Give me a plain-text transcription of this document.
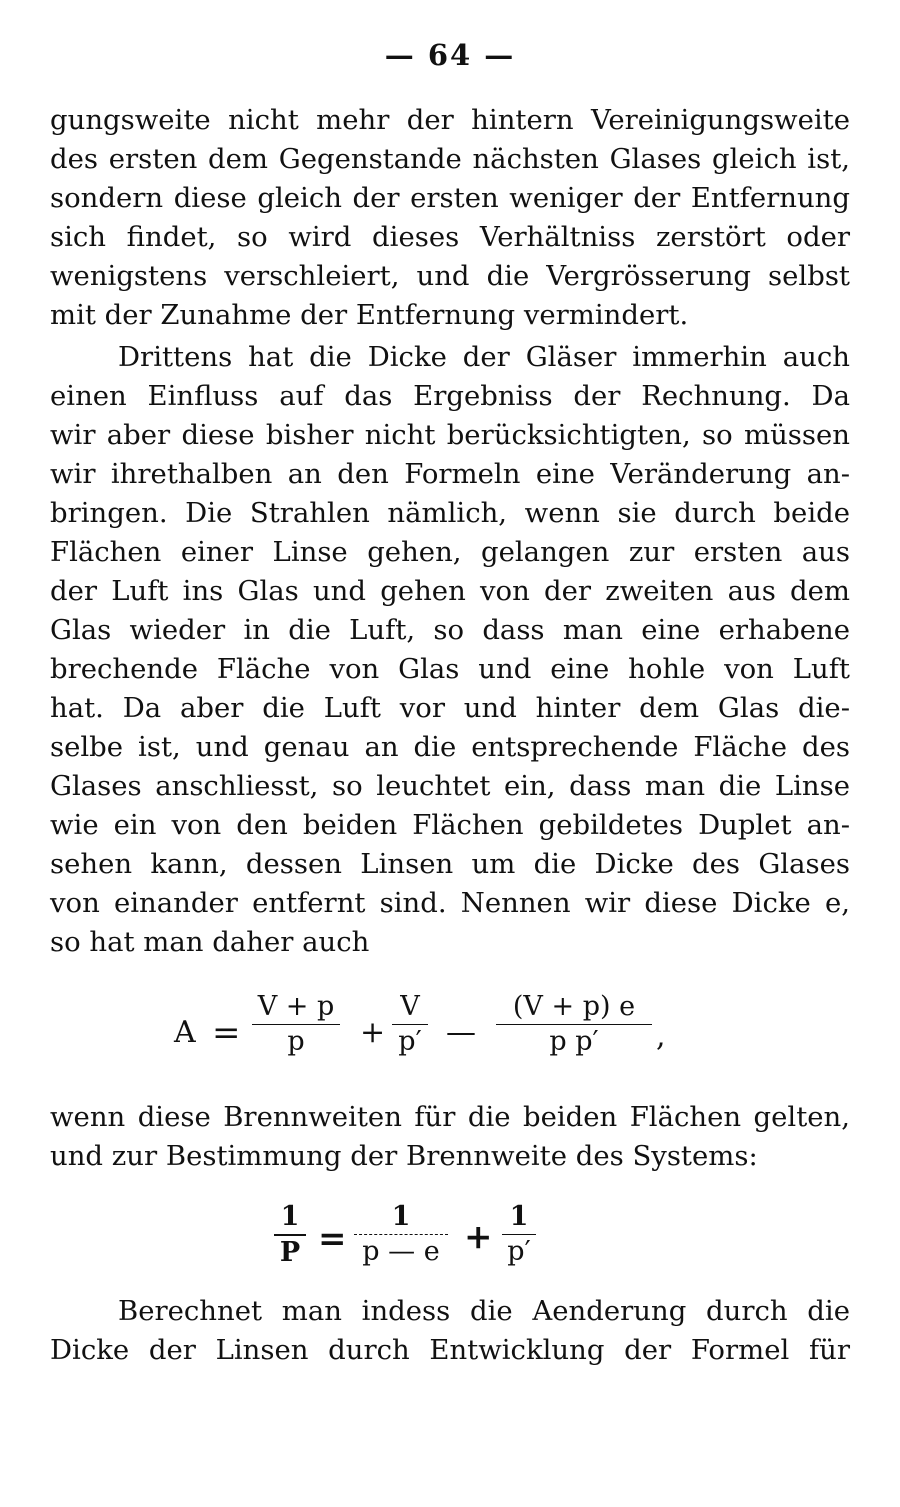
— 64 —
gungsweite nicht mehr der hintern Vereinigungsweite
des ersten dem Gegenstande nächsten Glases gleich ist,
sondern diese gleich der ersten weniger der Entfernung
sich findet, so wird dieses Verhältniss zerstört oder
wenigstens verschleiert, und die Vergrösserung selbst
mit der Zunahme der Entfernung vermindert.
Drittens hat die Dicke der Gläser immerhin auch
einen Einfluss auf das Ergebniss der Rechnung. Da
wir aber diese bisher nicht berücksichtigten, so müssen
wir ihrethalben an den Formeln eine Veränderung an-
bringen. Die Strahlen nämlich, wenn sie durch beide
Flächen einer Linse gehen, gelangen zur ersten aus
der Luft ins Glas und gehen von der zweiten aus dem
Glas wieder in die Luft, so dass man eine erhabene
brechende Fläche von Glas und eine hohle von Luft
hat. Da aber die Luft vor und hinter dem Glas die-
selbe ist, und genau an die entsprechende Fläche des
Glases anschliesst, so leuchtet ein, dass man die Linse
wie ein von den beiden Flächen gebildetes Duplet an-
sehen kann, dessen Linsen um die Dicke des Glases
von einander entfernt sind. Nennen wir diese Dicke e,
so hat man daher auch
A =
V + p
p	+
V
p′ —
(V + p) e
p p′	,
wenn diese Brennweiten für die beiden Flächen gelten,
und zur Bestimmung der Brennweite des Systems:
1
P =
1
p — e +
1
p′
Berechnet man indess die Aenderung durch die
Dicke der Linsen durch Entwicklung der Formel für
